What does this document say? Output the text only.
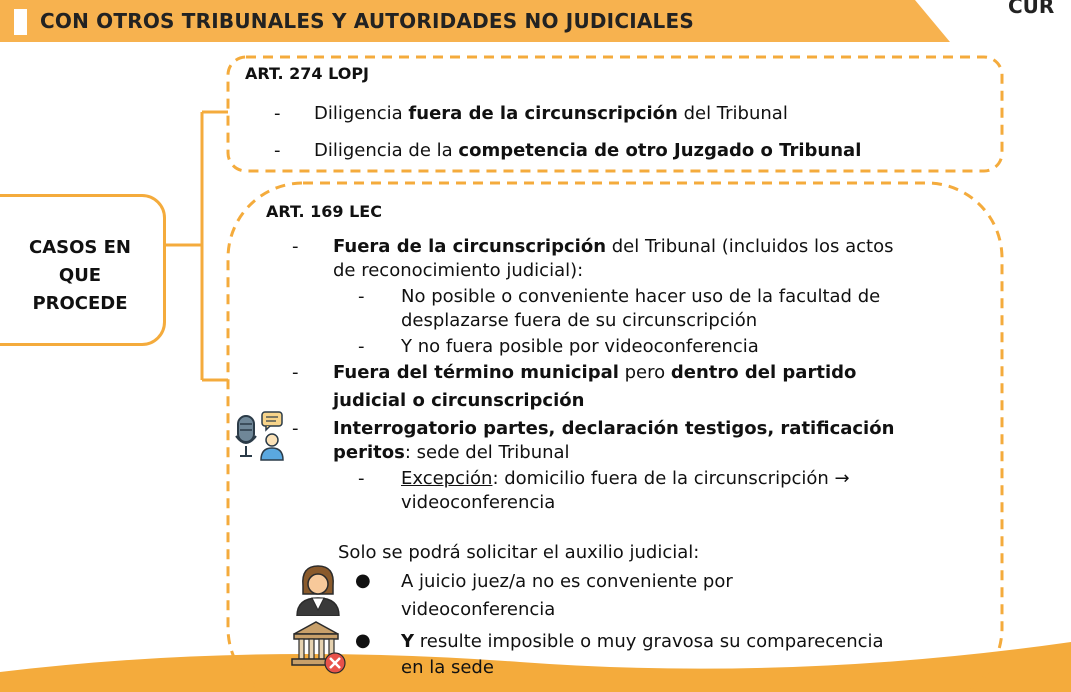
CON OTROS TRIBUNALES Y AUTORIDADES NO JUDICIALES
CUR
CASOS EN
QUE
PROCEDE
ART. 274 LOPJ
- Diligencia fuera de la circunscripción del Tribunal
- Diligencia de la competencia de otro Juzgado o Tribunal
ART. 169 LEC
- Fuera de la circunscripción del Tribunal (incluidos los actos
de reconocimiento judicial):
- No posible o conveniente hacer uso de la facultad de
desplazarse fuera de su circunscripción
- Y no fuera posible por videoconferencia
- Fuera del término municipal pero dentro del partido
judicial o circunscripción
- Interrogatorio partes, declaración testigos, ratificación
peritos: sede del Tribunal
- Excepción: domicilio fuera de la circunscripción →
videoconferencia
Solo se podrá solicitar el auxilio judicial:
● A juicio juez/a no es conveniente por
videoconferencia
● Y resulte imposible o muy gravosa su comparecencia
en la sede
